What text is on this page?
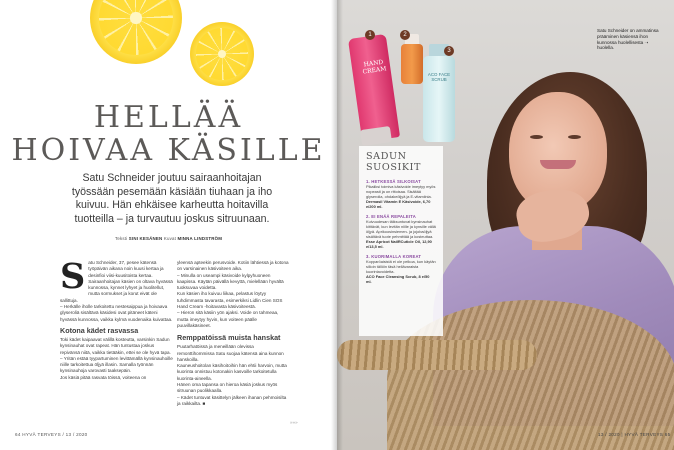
HELLÄÄ
HOIVAA KÄSILLE
Satu Schneider joutuu sairaanhoitajan työssään pesemään käsiään tiuhaan ja iho kuivuu. Hän ehkäisee karheutta hoitavilla tuotteilla – ja turvautuu joskus sitruunaan.
Teksti SINI KESÄNEN Kuvat MINNA LINDSTRÖM
S atu Schneider, 37, pesee kätensä työpäivän aikana noin kuusi kertaa ja desinfioi viisi-kuusitoista kertaa. Sairaanhoitajan käsien on oltava hyvässä kunnossa, kynnet lyhyet ja huolitellut, mutta sormukset ja korut eivät ole sallittuja.

– Herkälle iholle tarkoitettu nestesaippua ja hoivaava glyseroliä sisältävä käsidesi ovat pitäneet käteni hyvässä kunnossa, vaikka kylmä vuodenaika kuivattaa.

Kotona kädet rasvassa

Toki kädet kaipaavat välillä kosteutta, varsinkin Sadun kynsinauhat ovat rapeat. Hän tuntustaa joskus repivänsä niitä, vaikka tietääkin, ettei se ole hyvä tapa.

– Yritän estää tyypartuminen levittämällä kynsinauhoille niille tarkoitettua öljyä illasin. Samalla työnnän kynsinauhoja varovasti taaksepäin.

Jos käsiä pitää rasvata töissä, voiteena on

yleensä apteekin perusvoide. Kotiin lähtiessä ja kotona on varsinainen käsivoiteen aika.

– Minulla on useampi käsivoide kylpyhuoneen kaapissa. Käytän päivällä kevyttä, mielellään hyvältä tuoksuvaa voidetta.

Kun käsien iho kuivuu liikaa, pelastus löytyy tuhdimmasta tavarasta, esimerkiksi Lidlin Cien SOS Hand Cream -hoitavasta käsivoiteestä.

– Hieron sitä käsiin yön ajaksi. Voide on tahmeaa, mutta imeytyy hyvin, kun voiteen päälle puuvillakäsineet.

Remppatöissä muista hanskat

Puutarhatöissä ja meneillään olevissa remonttihommissa Satu suojaa kätensä aina kunnon hanskoilla.

Kauneushoitolan käsihoitoihin hän ehtii harvoin, mutta kuorinta onnistuu kotonakin kasvoille tarkoitetulla kuorinta-aineella.

Hänen oma tapansa on hieroa käsiä joskus myös sitruunan puolikkaalla.

– Kädet tuntuvat käsittelyn jälkeen ihanan pehmoisilta ja raikkailta. ■

»»»
64 HYVÄ TERVEYS / 13 / 2020
HAND CREAM	ACO FACE SCRUB
1	2
3
SADUN
SUOSIKIT
1. HETKESSÄ SILKOISAT
Pikaiiksi toimiva käsivoide imeytyy myös nopeasti ja on rittoisaa. Sisältää glyserolia, ohdakeöljyä ja E-vitamiinia.
Dermasil Vitamin E Käsivoide, 6,70 e/200 ml.
2. EI ENÄÄ REPALEITA
Kuivuudesan täiksuntuvat kynsinauhat kiittävät, kun levitän niille ja kynsille väliä öljyä. Aprikoosinsiemen- ja jojobaöljyä sisältävä tuote pehmittää ja kosteuttaa.
Esse Apricot NailRCuticle Oil, 12,90 e/13,5 ml.
3. KUORIMALLA KOREAT
Kopparöaisistä ei ole pelkoa, kun käytän silloin tällöin täsä hellävaraista kuorintavoidetta.
ACO Face Cleansing Scrub, 8 e/50 ml.
Satu Schneider on ammatinsa prääminen käsiensä ihon kunnossa huolellisesta ➝ huolella.
13 / 2020 | HYVÄ TERVEYS 65
